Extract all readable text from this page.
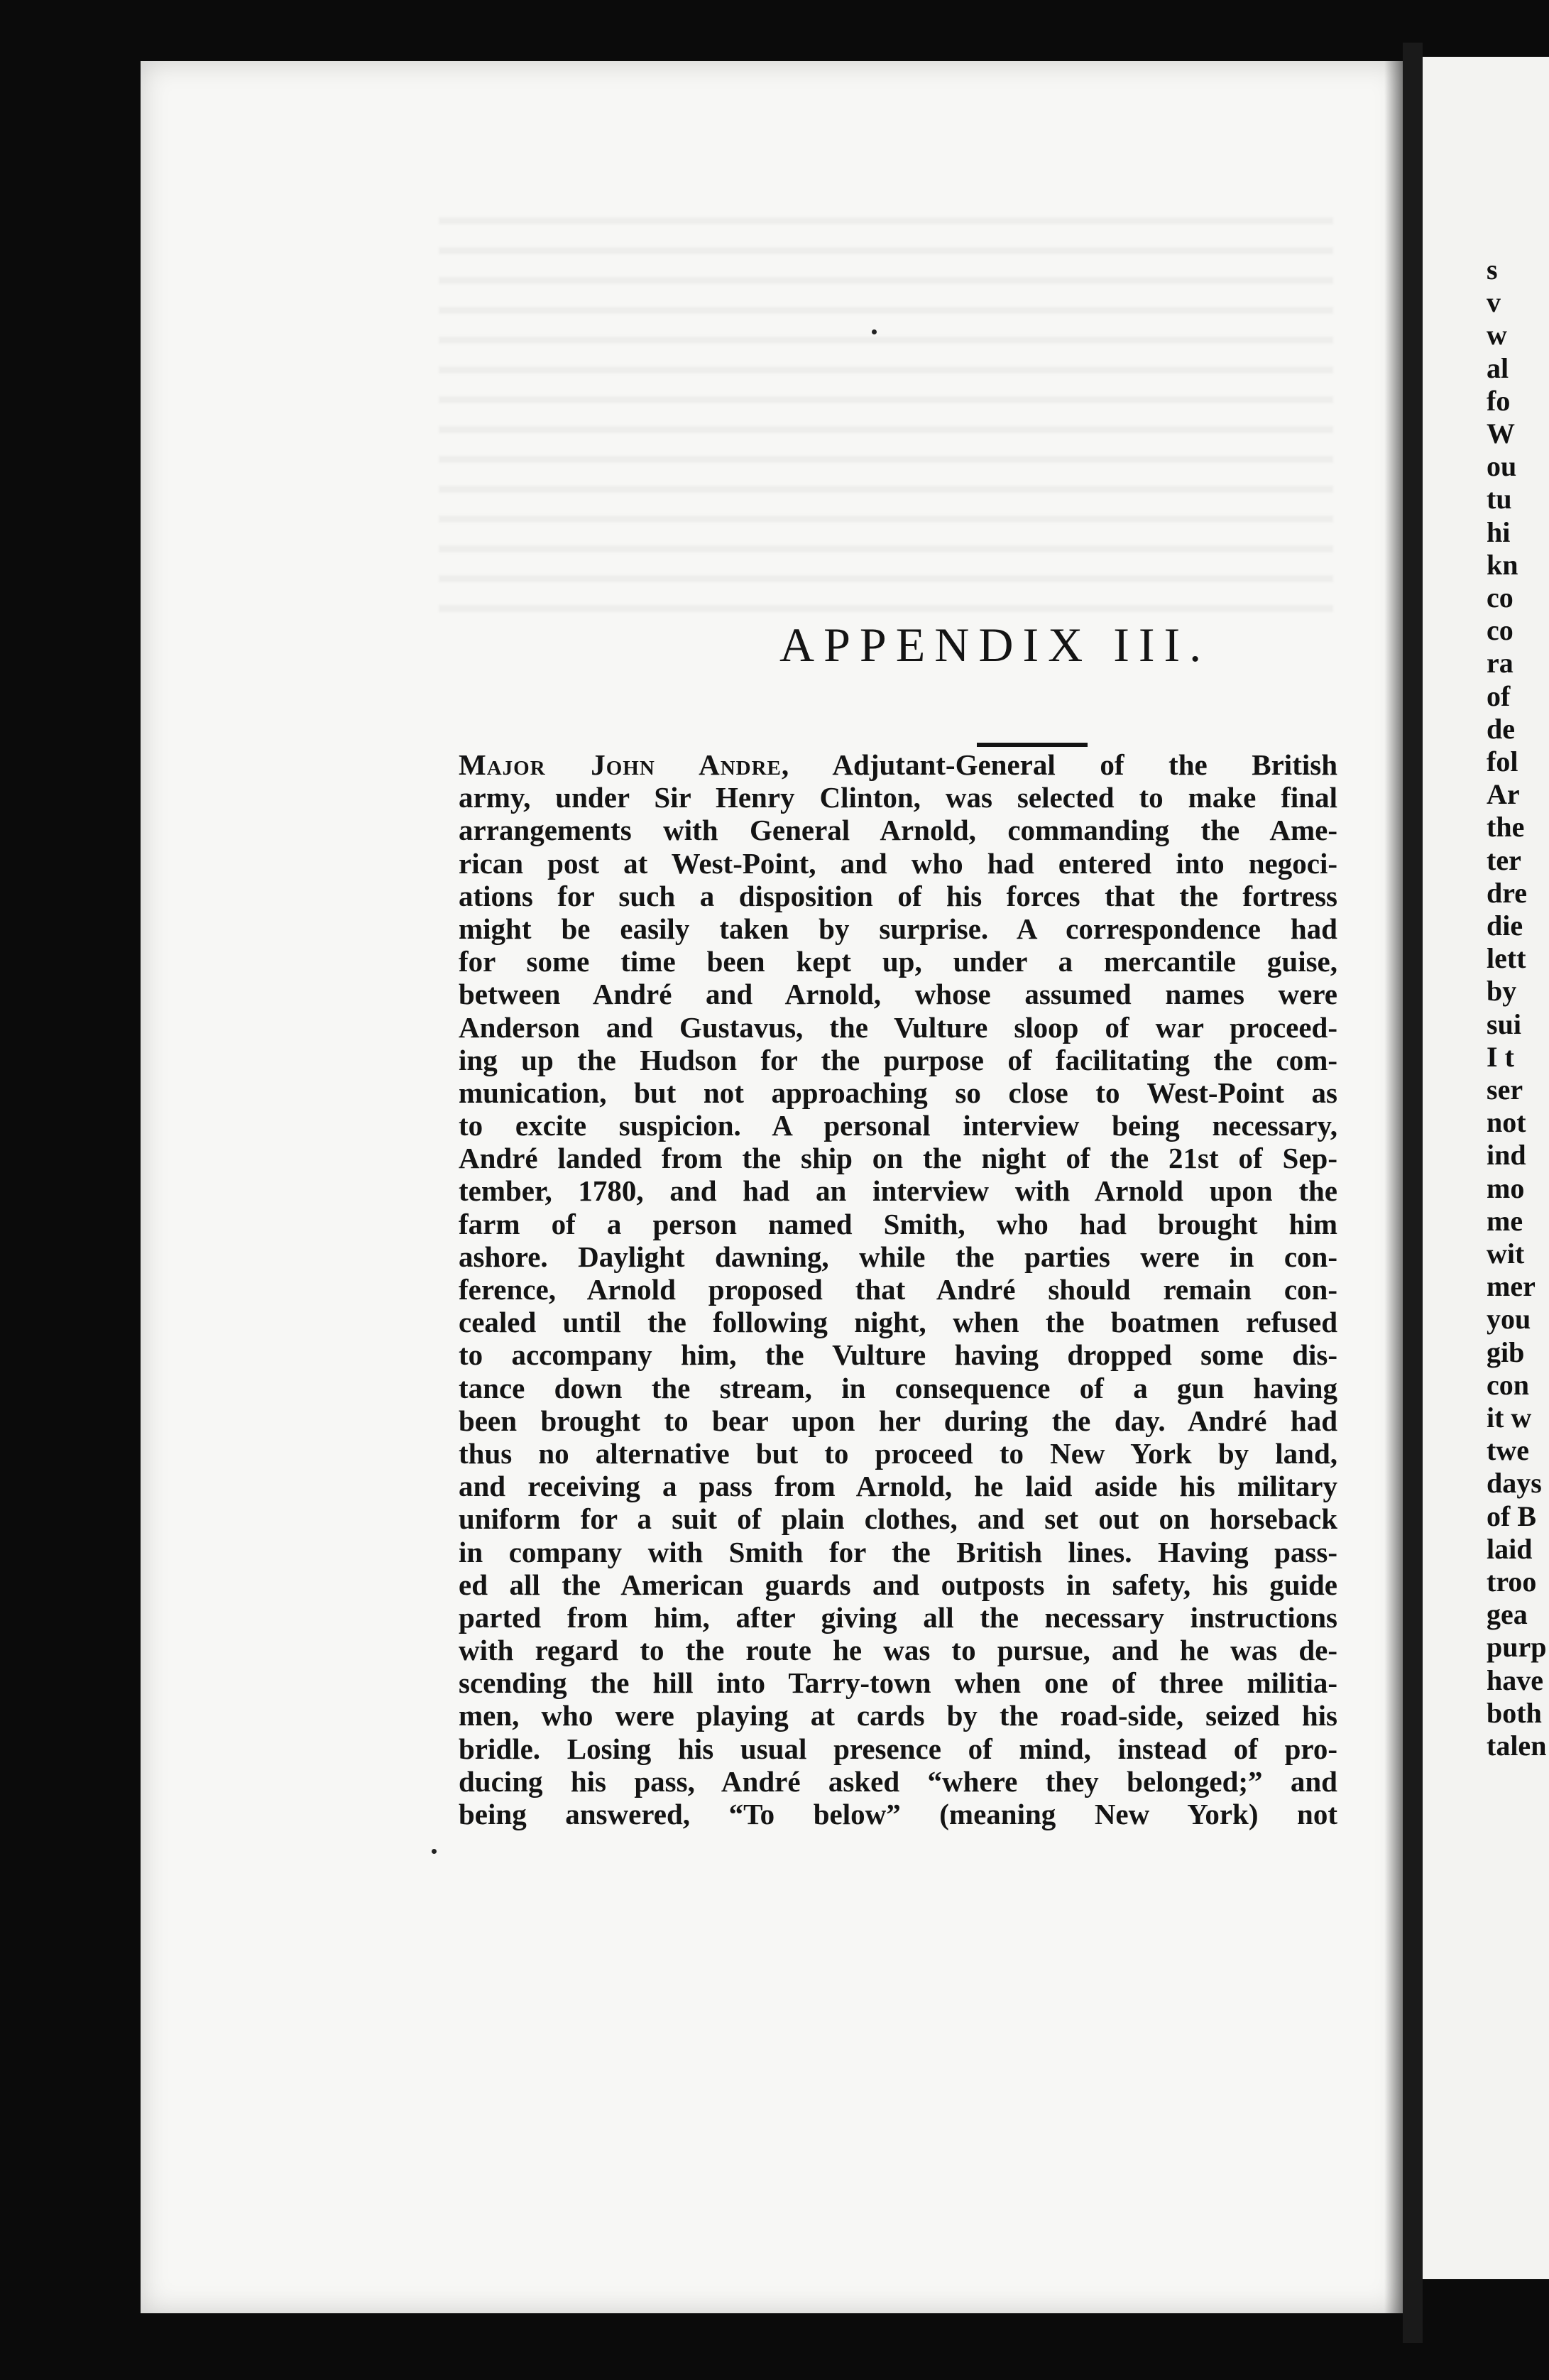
APPENDIX III.
Major John Andre, Adjutant-General of the British
army, under Sir Henry Clinton, was selected to make final
arrangements with General Arnold, commanding the Ame-
rican post at West-Point, and who had entered into negoci-
ations for such a disposition of his forces that the fortress
might be easily taken by surprise. A correspondence had
for some time been kept up, under a mercantile guise,
between André and Arnold, whose assumed names were
Anderson and Gustavus, the Vulture sloop of war proceed-
ing up the Hudson for the purpose of facilitating the com-
munication, but not approaching so close to West-Point as
to excite suspicion. A personal interview being necessary,
André landed from the ship on the night of the 21st of Sep-
tember, 1780, and had an interview with Arnold upon the
farm of a person named Smith, who had brought him
ashore. Daylight dawning, while the parties were in con-
ference, Arnold proposed that André should remain con-
cealed until the following night, when the boatmen refused
to accompany him, the Vulture having dropped some dis-
tance down the stream, in consequence of a gun having
been brought to bear upon her during the day. André had
thus no alternative but to proceed to New York by land,
and receiving a pass from Arnold, he laid aside his military
uniform for a suit of plain clothes, and set out on horseback
in company with Smith for the British lines. Having pass-
ed all the American guards and outposts in safety, his guide
parted from him, after giving all the necessary instructions
with regard to the route he was to pursue, and he was de-
scending the hill into Tarry-town when one of three militia-
men, who were playing at cards by the road-side, seized his
bridle. Losing his usual presence of mind, instead of pro-
ducing his pass, André asked “where they belonged;” and
being answered, “To below” (meaning New York) not
s
v
w
al
fo
W
ou
tu
hi
kn
co
co
ra
of
de
fol
Ar
the
ter
dre
die
lett
by
sui
I t
ser
not
ind
mo
me
wit
mer
you
gib
con
it w
twe
days
of B
laid
troo
gea
purp
have
both
talen
